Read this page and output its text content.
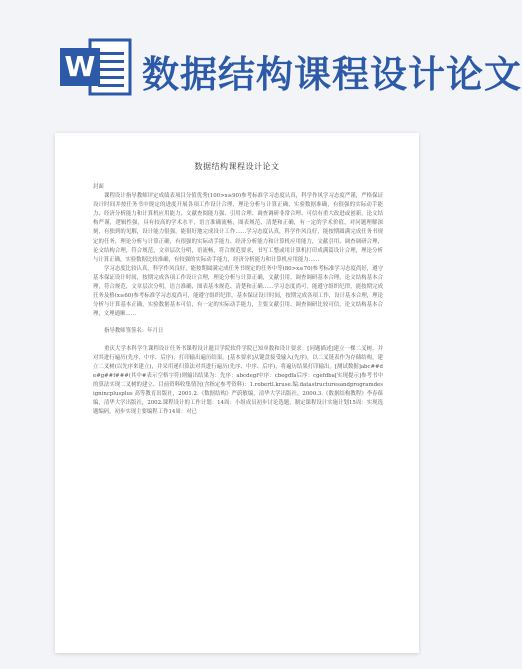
W 数据结构课程设计论文
数据结构课程设计论文

封面

课程设计指导教师评定成绩表项目分值优秀(100>x≥90)参考标准学习态度认真，科学作风学习态度严谨，严格保证设计时间并按任务书中规定的进度开展各项工作设计合理，理论分析与计算正确，实验数据准确，有很强的实际动手能力、经济分析能力和计算机应用能力，文献查阅能力强、引用合理、调查调研非常合理、可信有重大改进或创新，论文结构严谨，逻辑性强，具有较高的学术水平，语言准确流畅，图表规范、清楚和正确，有一定的学术价值，对问题理解深刻，有独到的见解，设计能力很强，能很好地完成设计工作……学习态度认真，科学作风良好，能按期圆满完成任务书规定的任务，理论分析与计算正确，有很强的实际动手能力、经济分析能力和计算机应用能力，文献引用、调查调研合理，论文结构合理，符合规范，文章层次分明，语流畅，符合规范要求，书写工整或用计算机打印成满篇设计合理，理论分析与计算正确，实验数据比较准确，有较强的实际动手能力，经济分析能力和计算机应用能力……

学习态度比较认真，科学作风良好，能按期圆满完成任务书规定的任务中等(80>x≥70)参考标准学习态度尚好，遵守基本保证设计时间，按期完成各项工作设计合理，理论分析与计算正确，文献引用、调查调研基本合理，论文结构基本合理，符合规范，文章层次分明，语言准确，图表基本规范、清楚和正确……学习态度尚可，能遵守组织纪律，能按期完成任务及格(x≥60)参考标准学习态度尚可，能遵守组织纪律，基本保证设计时间，按期完成各项工作，设计基本合理，理论分析与计算基本正确，实验数据基本可信，有一定的实际动手能力，主要文献引用、调查调研比较可信，论文结构基本合理，文理通顺……

指导教师签签名：年月日

重庆大学本科学生课程设计任务书课程设计题目学院软件学院已知单数和设计要求：[问题描述]建立一棵二叉树，并对其进行遍历(先序、中序、后序)，打印输出遍历结果。[基本要求]从键盘接受输入(先序)，以二叉链表作为存储结构，建立二叉树(以先序来建立)，并采用递归算法对其进行遍历(先序、中序、后序)，将遍历结果打印输出。[测试数据]abc##de#g##f###(其中#表示空格字符)则输出结果为：先序：abcdegf中序：cbegdfa后序：cgefdba[实现提示]参考书中的算法实现二叉树的建立、目前资料收集情况(含指定参考资料)：1.robertl.kruse.编.datastructuresandprogramdesignincplusplus 高等教育出版社，2001.2.《数据结构》严蔚敏编，清华大学出版社，2000.3.《数据结构教程》李春葆编，清华大学出版社，2002.课程设计的工作计划：14周：小组成员初步讨论选题，制定课程设计实施计划15周：实现选题编码，初步实现主要编程工作14周：对已
